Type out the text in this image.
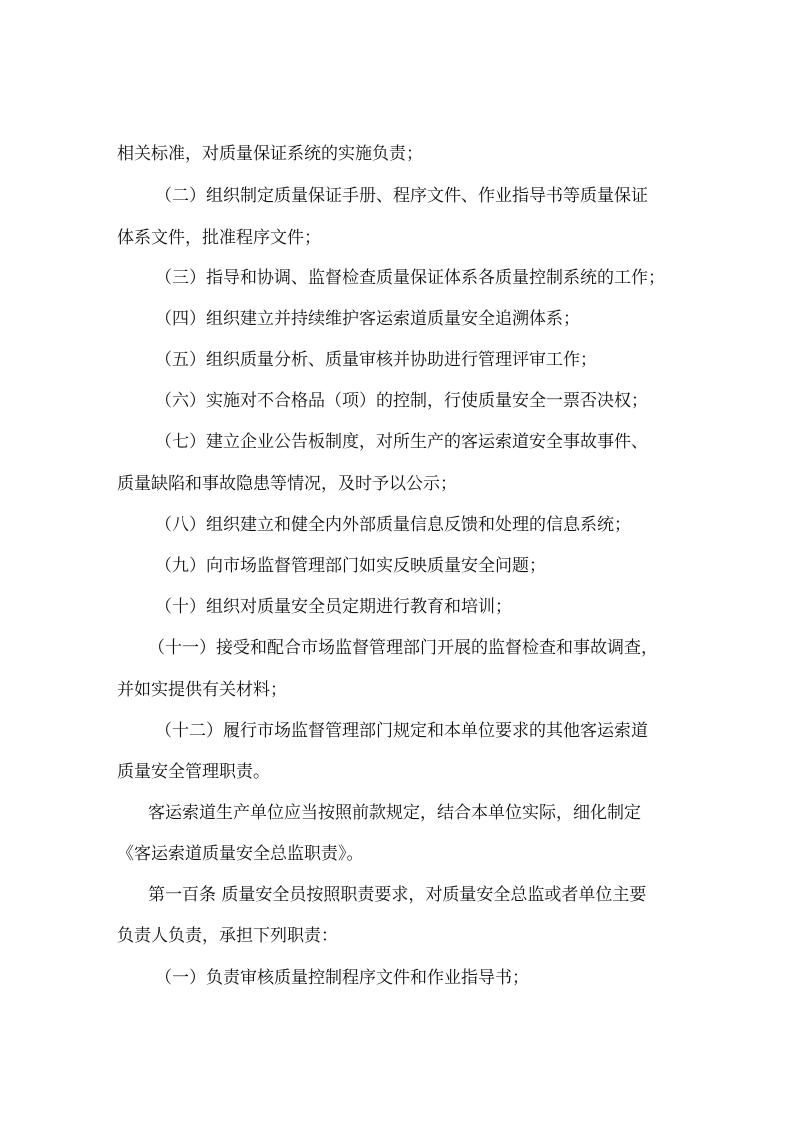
相关标准，对质量保证系统的实施负责；
（二）组织制定质量保证手册、程序文件、作业指导书等质量保证
体系文件，批准程序文件；
（三）指导和协调、监督检查质量保证体系各质量控制系统的工作；
（四）组织建立并持续维护客运索道质量安全追溯体系；
（五）组织质量分析、质量审核并协助进行管理评审工作；
（六）实施对不合格品（项）的控制，行使质量安全一票否决权；
（七）建立企业公告板制度，对所生产的客运索道安全事故事件、
质量缺陷和事故隐患等情况，及时予以公示；
（八）组织建立和健全内外部质量信息反馈和处理的信息系统；
（九）向市场监督管理部门如实反映质量安全问题；
（十）组织对质量安全员定期进行教育和培训；
（十一）接受和配合市场监督管理部门开展的监督检查和事故调查，
并如实提供有关材料；
（十二）履行市场监督管理部门规定和本单位要求的其他客运索道
质量安全管理职责。
客运索道生产单位应当按照前款规定，结合本单位实际，细化制定
《客运索道质量安全总监职责》。
第一百条 质量安全员按照职责要求，对质量安全总监或者单位主要
负责人负责，承担下列职责：
（一）负责审核质量控制程序文件和作业指导书；
